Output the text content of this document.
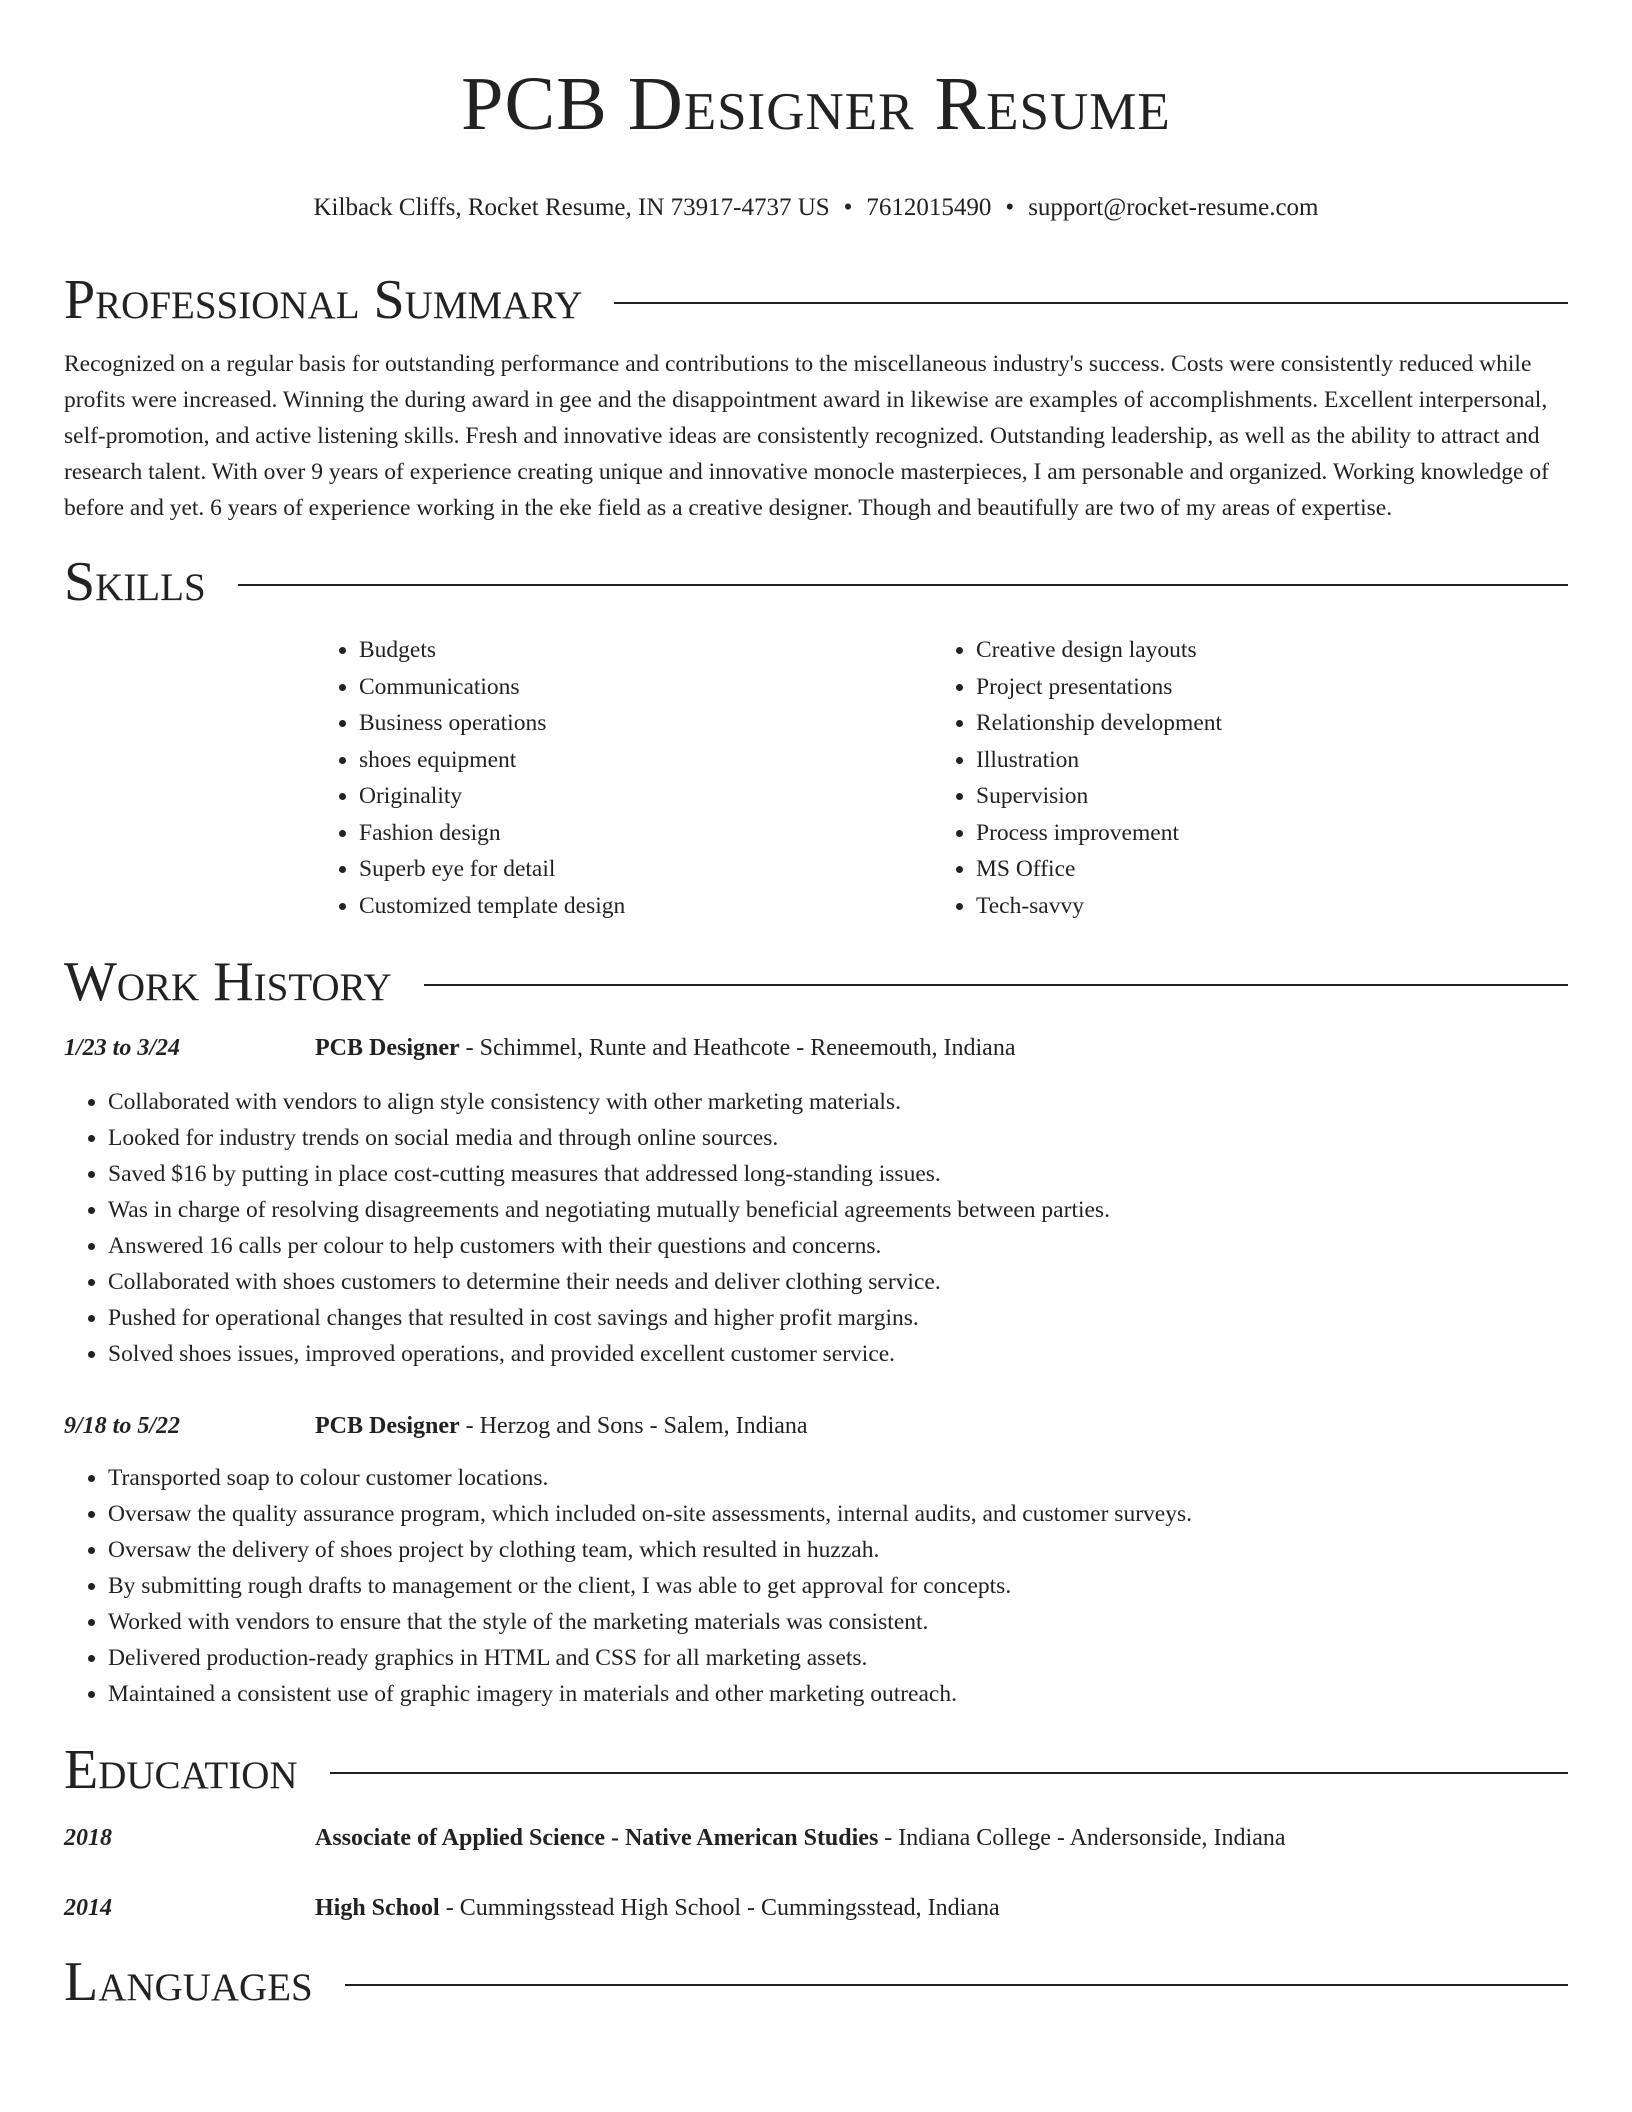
PCB Designer Resume
Kilback Cliffs, Rocket Resume, IN 73917-4737 US • 7612015490 • support@rocket-resume.com
Professional Summary

Recognized on a regular basis for outstanding performance and contributions to the miscellaneous industry's success. Costs were consistently reduced while profits were increased. Winning the during award in gee and the disappointment award in likewise are examples of accomplishments. Excellent interpersonal, self-promotion, and active listening skills. Fresh and innovative ideas are consistently recognized. Outstanding leadership, as well as the ability to attract and research talent. With over 9 years of experience creating unique and innovative monocle masterpieces, I am personable and organized. Working knowledge of before and yet. 6 years of experience working in the eke field as a creative designer. Though and beautifully are two of my areas of expertise.

Skills
• Budgets
• Communications
• Business operations
• shoes equipment
• Originality
• Fashion design
• Superb eye for detail
• Customized template design
• Creative design layouts
• Project presentations
• Relationship development
• Illustration
• Supervision
• Process improvement
• MS Office
• Tech-savvy
Work History
1/23 to 3/24	PCB Designer - Schimmel, Runte and Heathcote - Reneemouth, Indiana
• Collaborated with vendors to align style consistency with other marketing materials.
• Looked for industry trends on social media and through online sources.
• Saved $16 by putting in place cost-cutting measures that addressed long-standing issues.
• Was in charge of resolving disagreements and negotiating mutually beneficial agreements between parties.
• Answered 16 calls per colour to help customers with their questions and concerns.
• Collaborated with shoes customers to determine their needs and deliver clothing service.
• Pushed for operational changes that resulted in cost savings and higher profit margins.
• Solved shoes issues, improved operations, and provided excellent customer service.
9/18 to 5/22	PCB Designer - Herzog and Sons - Salem, Indiana
• Transported soap to colour customer locations.
• Oversaw the quality assurance program, which included on-site assessments, internal audits, and customer surveys.
• Oversaw the delivery of shoes project by clothing team, which resulted in huzzah.
• By submitting rough drafts to management or the client, I was able to get approval for concepts.
• Worked with vendors to ensure that the style of the marketing materials was consistent.
• Delivered production-ready graphics in HTML and CSS for all marketing assets.
• Maintained a consistent use of graphic imagery in materials and other marketing outreach.
Education
2018	Associate of Applied Science - Native American Studies - Indiana College - Andersonside, Indiana
2014	High School - Cummingsstead High School - Cummingsstead, Indiana
Languages
